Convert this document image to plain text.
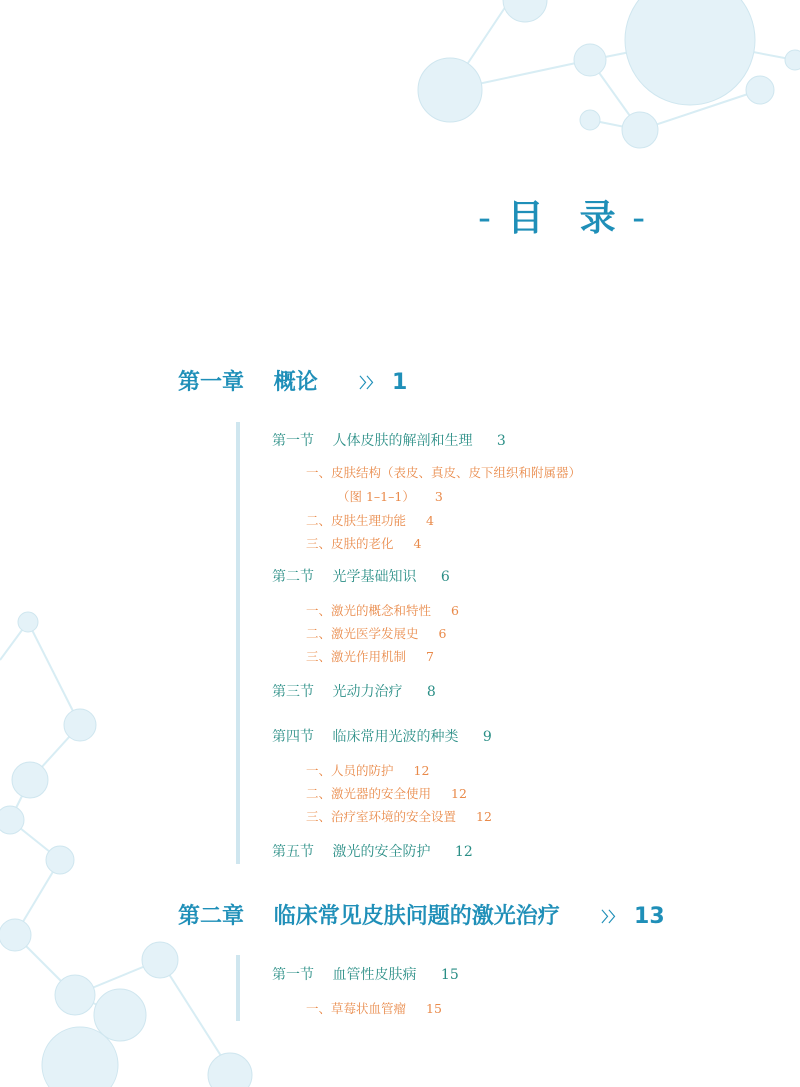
- 目 录 -
第一章 概论	〉〉 1
第一节 人体皮肤的解剖和生理 3
一、皮肤结构（表皮、真皮、皮下组织和附属器）
（图 1–1–1） 3
二、皮肤生理功能 4
三、皮肤的老化 4
第二节 光学基础知识 6
一、激光的概念和特性 6
二、激光医学发展史 6
三、激光作用机制 7
第三节 光动力治疗 8
第四节 临床常用光波的种类 9
一、人员的防护 12
二、激光器的安全使用 12
三、治疗室环境的安全设置 12
第五节 激光的安全防护 12
第二章 临床常见皮肤问题的激光治疗	〉〉 13
第一节 血管性皮肤病 15
一、草莓状血管瘤 15
